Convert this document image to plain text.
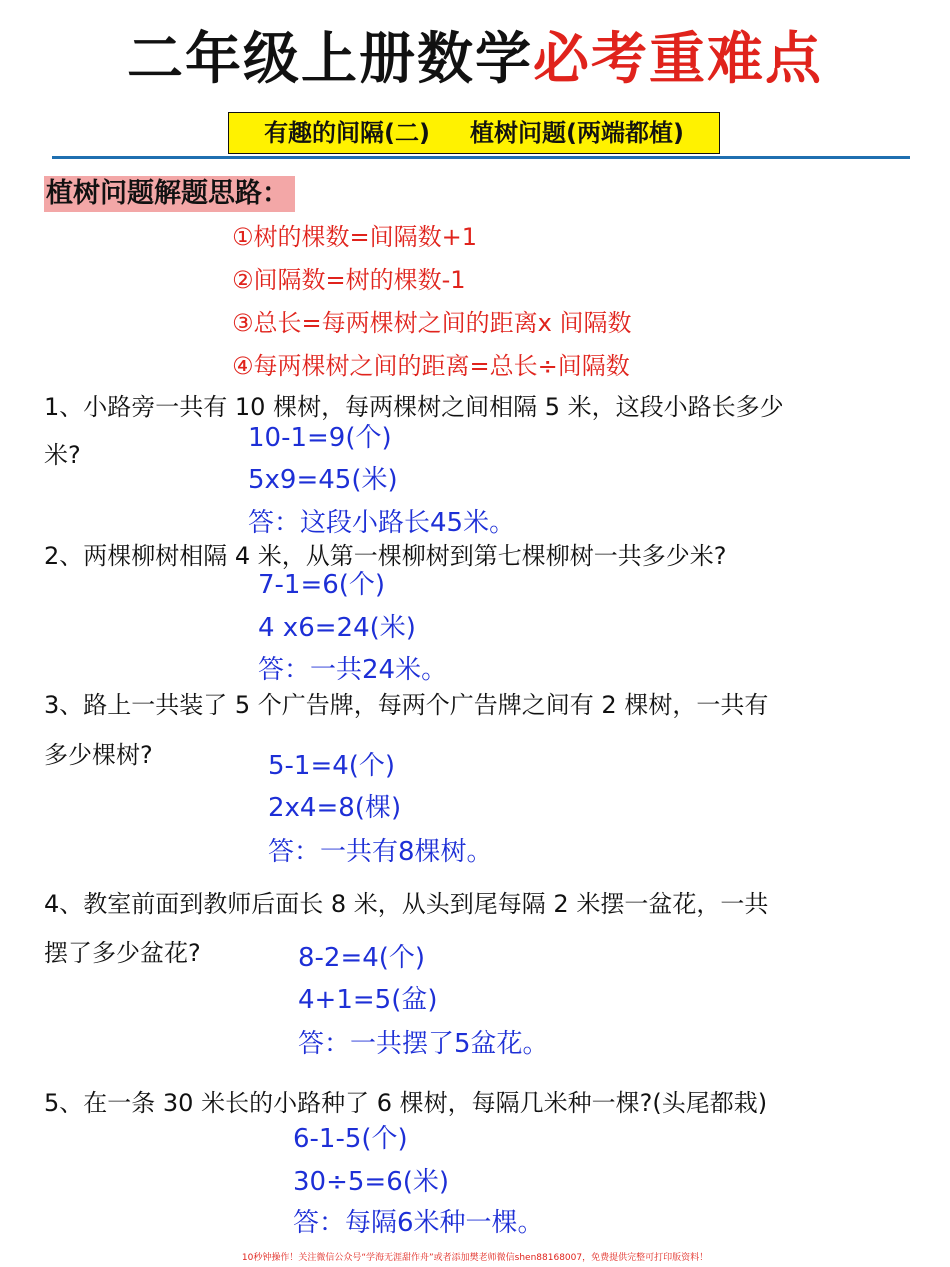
二年级上册数学必考重难点
有趣的间隔(二) 植树问题(两端都植)
植树问题解题思路：
①树的棵数=间隔数+1
②间隔数=树的棵数-1
③总长=每两棵树之间的距离x 间隔数
④每两棵树之间的距离=总长÷间隔数
1、小路旁一共有 10 棵树，每两棵树之间相隔 5 米，这段小路长多少
米?
10-1=9(个)
5x9=45(米)
答：这段小路长45米。
2、两棵柳树相隔 4 米，从第一棵柳树到第七棵柳树一共多少米?
7-1=6(个)
4 x6=24(米)
答：一共24米。
3、路上一共装了 5 个广告牌，每两个广告牌之间有 2 棵树，一共有
多少棵树?	5-1=4(个)
2x4=8(棵)
答：一共有8棵树。
4、教室前面到教师后面长 8 米，从头到尾每隔 2 米摆一盆花，一共
摆了多少盆花?	8-2=4(个)
4+1=5(盆)
答：一共摆了5盆花。
5、在一条 30 米长的小路种了 6 棵树，每隔几米种一棵?(头尾都栽)
6-1-5(个)
30÷5=6(米)
答：每隔6米种一棵。
10秒钟操作！关注微信公众号“学海无涯甜作舟”或者添加樊老师微信shen88168007，免费提供完整可打印版资料！
